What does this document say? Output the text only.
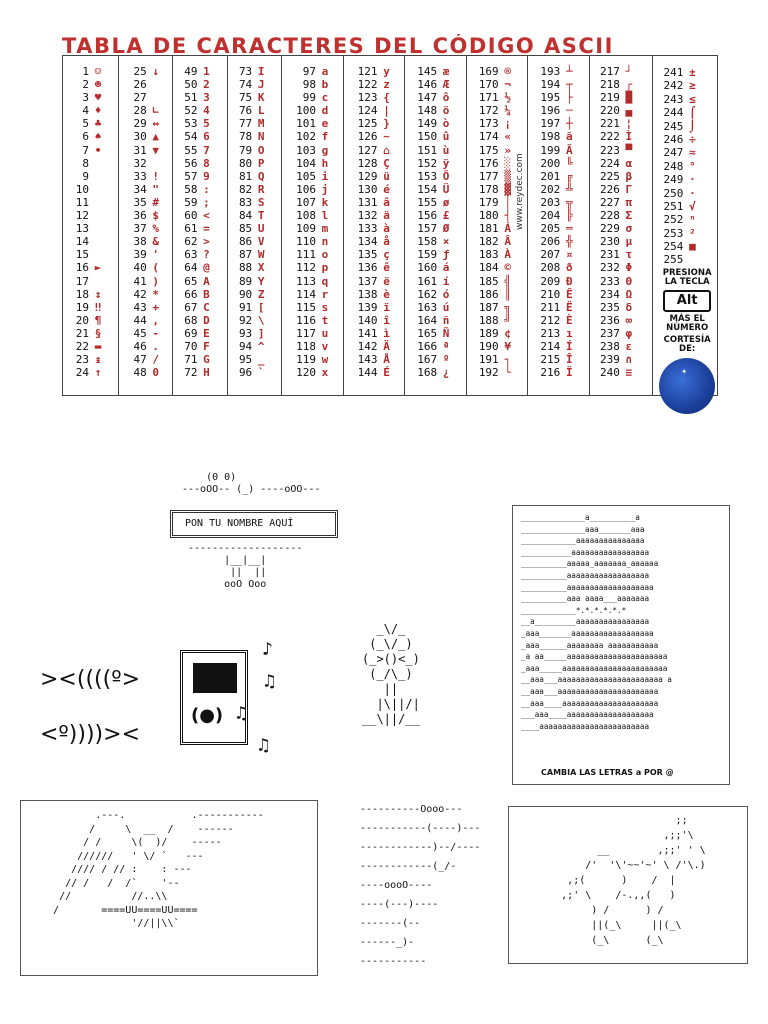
TABLA DE CARACTERES DEL CÓDIGO ASCII
1 ☺
2 ☻
3 ♥
4 ♦
5 ♣
6 ♠
7 •
8
9
10
11
12
13
14
15
16 ►
17
18 ↕
19 ‼
20 ¶
21 §
22 ▬
23 ↨
24 ↑
25 ↓
26
27
28 ∟
29 ↔
30 ▲
31 ▼
32
33 !
34 "
35 #
36 $
37 %
38 &
39 '
40 (
41 )
42 *
43 +
44 ,
45 -
46 .
47 /
48 0
49 1
50 2
51 3
52 4
53 5
54 6
55 7
56 8
57 9
58 :
59 ;
60 <
61 =
62 >
63 ?
64 @
65 A
66 B
67 C
68 D
69 E
70 F
71 G
72 H
73 I
74 J
75 K
76 L
77 M
78 N
79 O
80 P
81 Q
82 R
83 S
84 T
85 U
86 V
87 W
88 X
89 Y
90 Z
91 [
92 \
93 ]
94 ^
95 _
96 `
97 a
98 b
99 c
100 d
101 e
102 f
103 g
104 h
105 i
106 j
107 k
108 l
109 m
110 n
111 o
112 p
113 q
114 r
115 s
116 t
117 u
118 v
119 w
120 x
121 y
122 z
123 {
124 |
125 }
126 ~
127 ⌂
128 Ç
129 ü
130 é
131 â
132 ä
133 à
134 å
135 ç
136 ê
137 ë
138 è
139 ï
140 î
141 ì
142 Ä
143 Å
144 É
145 æ
146 Æ
147 ô
148 ö
149 ò
150 û
151 ù
152 ÿ
153 Ö
154 Ü
155 ø
156 £
157 Ø
158 ×
159 ƒ
160 á
161 í
162 ó
163 ú
164 ñ
165 Ñ
166 ª
167 º
168 ¿
169 ®
170 ¬
171 ½
172 ¼
173 ¡
174 «
175 »
176 ░
177 ▒
178 ▓
179 │
180 ┤
181 Á
182 Â
183 À
184 ©
185 ╣
186 ║
187 ╗
188 ╝
189 ¢
190 ¥
191 ┐
192 └
193 ┴
194 ┬
195 ├
196 ─
197 ┼
198 ã
199 Ã
200 ╚
201 ╔
202 ╩
203 ╦
204 ╠
205 ═
206 ╬
207 ¤
208 ð
209 Ð
210 Ê
211 Ë
212 È
213 ı
214 Í
215 Î
216 Ï
217 ┘
218 ┌
219 █
220 ▄
221 ¦
222 Ì
223 ▀
224 α
225 β
226 Γ
227 π
228 Σ
229 σ
230 µ
231 τ
232 Φ
233 Θ
234 Ω
235 δ
236 ∞
237 φ
238 ε
239 ∩
240 ≡
241 ±
242 ≥
243 ≤
244 ⌠
245 ⌡
246 ÷
247 ≈
248 °
249 ·
250 ·
251 √
252 ⁿ
253 ²
254 ■
255
PRESIONA LA TECLA
Alt
MÁS EL NÚMERO
CORTESÍA DE:
✦
www.reydec.com
(0 0)
---oOO-- (_) ----oOO---
PON TU NOMBRE AQUÍ
-------------------
|__|__|
||  ||
ooO Ooo
><((((º>
<º))))><
(●)
♪
♫
♫
♫
_\/_
(_\/_)
(_>()<_)
(_/\_)
||
|\||/|
__\||/__
______________a__________a
______________aaa_______aaa
____________aaaaaaaaaaaaaaa
___________aaaaaaaaaaaaaaaaa
__________aaaaa_aaaaaaa_aaaaaa
__________aaaaaaaaaaaaaaaaaa
__________aaaaaaaaaaaaaaaaaaa
__________aaa aaaa___aaaaaaa
____________*.*.*.*.*.*
__a_________aaaaaaaaaaaaaaaa
_aaa_______aaaaaaaaaaaaaaaaaa
_aaa______aaaaaaaa aaaaaaaaaaa
_a aa_____aaaaaaaaaaaaaaaaaaaaaa
_aaa_____aaaaaaaaaaaaaaaaaaaaaaa
__aaa___aaaaaaaaaaaaaaaaaaaaaaa a
__aaa___aaaaaaaaaaaaaaaaaaaaaa
__aaa____aaaaaaaaaaaaaaaaaaaaa
___aaa____aaaaaaaaaaaaaaaaaaa
____aaaaaaaaaaaaaaaaaaaaaaaa
CAMBIA LAS LETRAS a POR @
.---.           .-----------
/     \  __  /    ------
/ /     \(  )/    -----
//////   ' \/ `   ---
//// / // :    : ---
// /   /  /`    '--
//          //..\\
/       ====UU====UU====
'//||\\`
----------Oooo---
-----------(----)---
------------)--/----
------------(_/-
----oooO----
----(---)----
-------(--
------_)-
-----------
;;
,;;'\
__        ,;;' ' \
/'  '\'~~'~' \ /'\.)
,;(      )    /  |
,;' \    /-.,,(   )
) /      ) /
||(_\     ||(_\
(_\      (_\
